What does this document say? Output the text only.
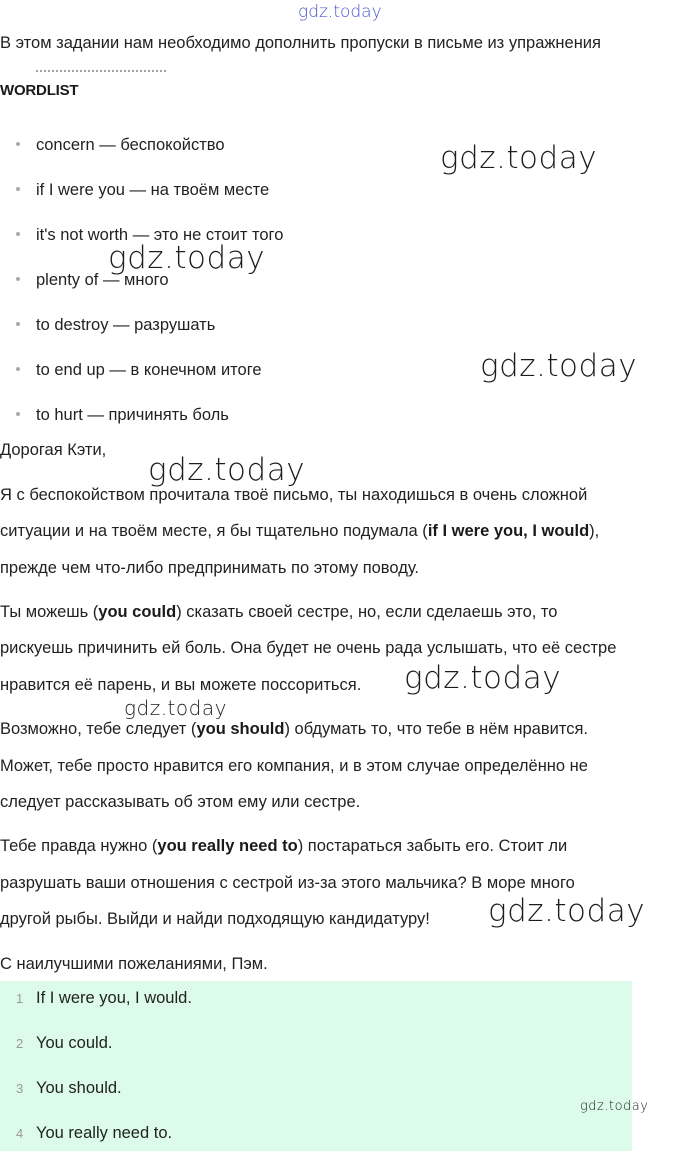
gdz.today
gdz.today
gdz.today
gdz.today
gdz.today
gdz.today
gdz.today
gdz.today
В этом задании нам необходимо дополнить пропуски в письме из упражнения
WORDLIST
concern — беспокойство
if I were you — на твоём месте
it's not worth — это не стоит того
plenty of — много
to destroy — разрушать
to end up — в конечном итоге
to hurt — причинять боль
Дорогая Кэти,
Я с беспокойством прочитала твоё письмо, ты находишься в очень сложной
ситуации и на твоём месте, я бы тщательно подумала (if I were you, I would),
прежде чем что-либо предпринимать по этому поводу.
Ты можешь (you could) сказать своей сестре, но, если сделаешь это, то
рискуешь причинить ей боль. Она будет не очень рада услышать, что её сестре
нравится её парень, и вы можете поссориться.
Возможно, тебе следует (you should) обдумать то, что тебе в нём нравится.
Может, тебе просто нравится его компания, и в этом случае определённо не
следует рассказывать об этом ему или сестре.
Тебе правда нужно (you really need to) постараться забыть его. Стоит ли
разрушать ваши отношения с сестрой из-за этого мальчика? В море много
другой рыбы. Выйди и найди подходящую кандидатуру!
С наилучшими пожеланиями, Пэм.
1 If I were you, I would.
2 You could.
3 You should.
4 You really need to.
gdz.today
